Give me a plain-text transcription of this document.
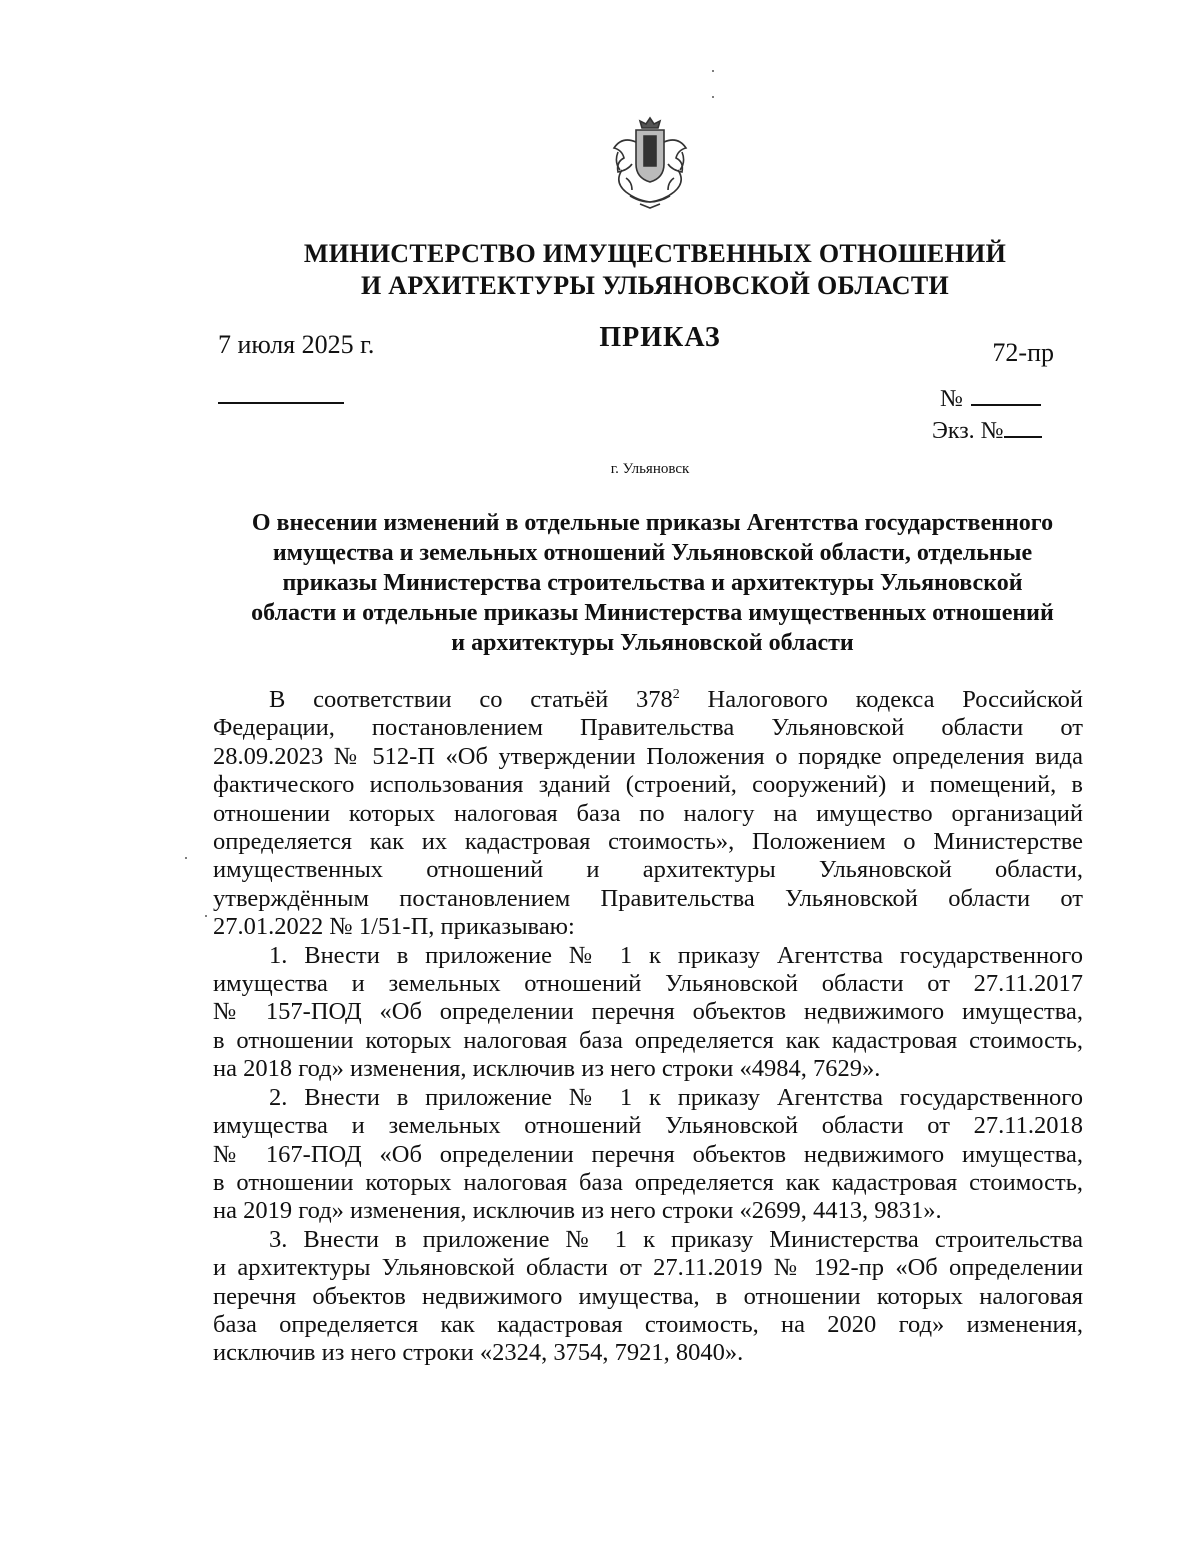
МИНИСТЕРСТВО ИМУЩЕСТВЕННЫХ ОТНОШЕНИЙ
И АРХИТЕКТУРЫ УЛЬЯНОВСКОЙ ОБЛАСТИ
7 июля 2025 г.	ПРИКАЗ	72-пр
№
Экз. №
г. Ульяновск
О внесении изменений в отдельные приказы Агентства государственного
имущества и земельных отношений Ульяновской области, отдельные
приказы Министерства строительства и архитектуры Ульяновской
области и отдельные приказы Министерства имущественных отношений
и архитектуры Ульяновской области
В соответствии со статьёй $378^2$ Налогового кодекса Российской
Федерации, постановлением Правительства Ульяновской области от
28.09.2023 № 512-П «Об утверждении Положения о порядке определения вида
фактического использования зданий (строений, сооружений) и помещений, в
отношении которых налоговая база по налогу на имущество организаций
определяется как их кадастровая стоимость», Положением о Министерстве
имущественных отношений и архитектуры Ульяновской области,
утверждённым постановлением Правительства Ульяновской области от
27.01.2022 № 1/51-П, приказываю:
1. Внести в приложение № 1 к приказу Агентства государственного
имущества и земельных отношений Ульяновской области от 27.11.2017
№ 157-ПОД «Об определении перечня объектов недвижимого имущества,
в отношении которых налоговая база определяется как кадастровая стоимость,
на 2018 год» изменения, исключив из него строки «4984, 7629».
2. Внести в приложение № 1 к приказу Агентства государственного
имущества и земельных отношений Ульяновской области от 27.11.2018
№ 167-ПОД «Об определении перечня объектов недвижимого имущества,
в отношении которых налоговая база определяется как кадастровая стоимость,
на 2019 год» изменения, исключив из него строки «2699, 4413, 9831».
3. Внести в приложение № 1 к приказу Министерства строительства
и архитектуры Ульяновской области от 27.11.2019 № 192-пр «Об определении
перечня объектов недвижимого имущества, в отношении которых налоговая
база определяется как кадастровая стоимость, на 2020 год» изменения,
исключив из него строки «2324, 3754, 7921, 8040».
